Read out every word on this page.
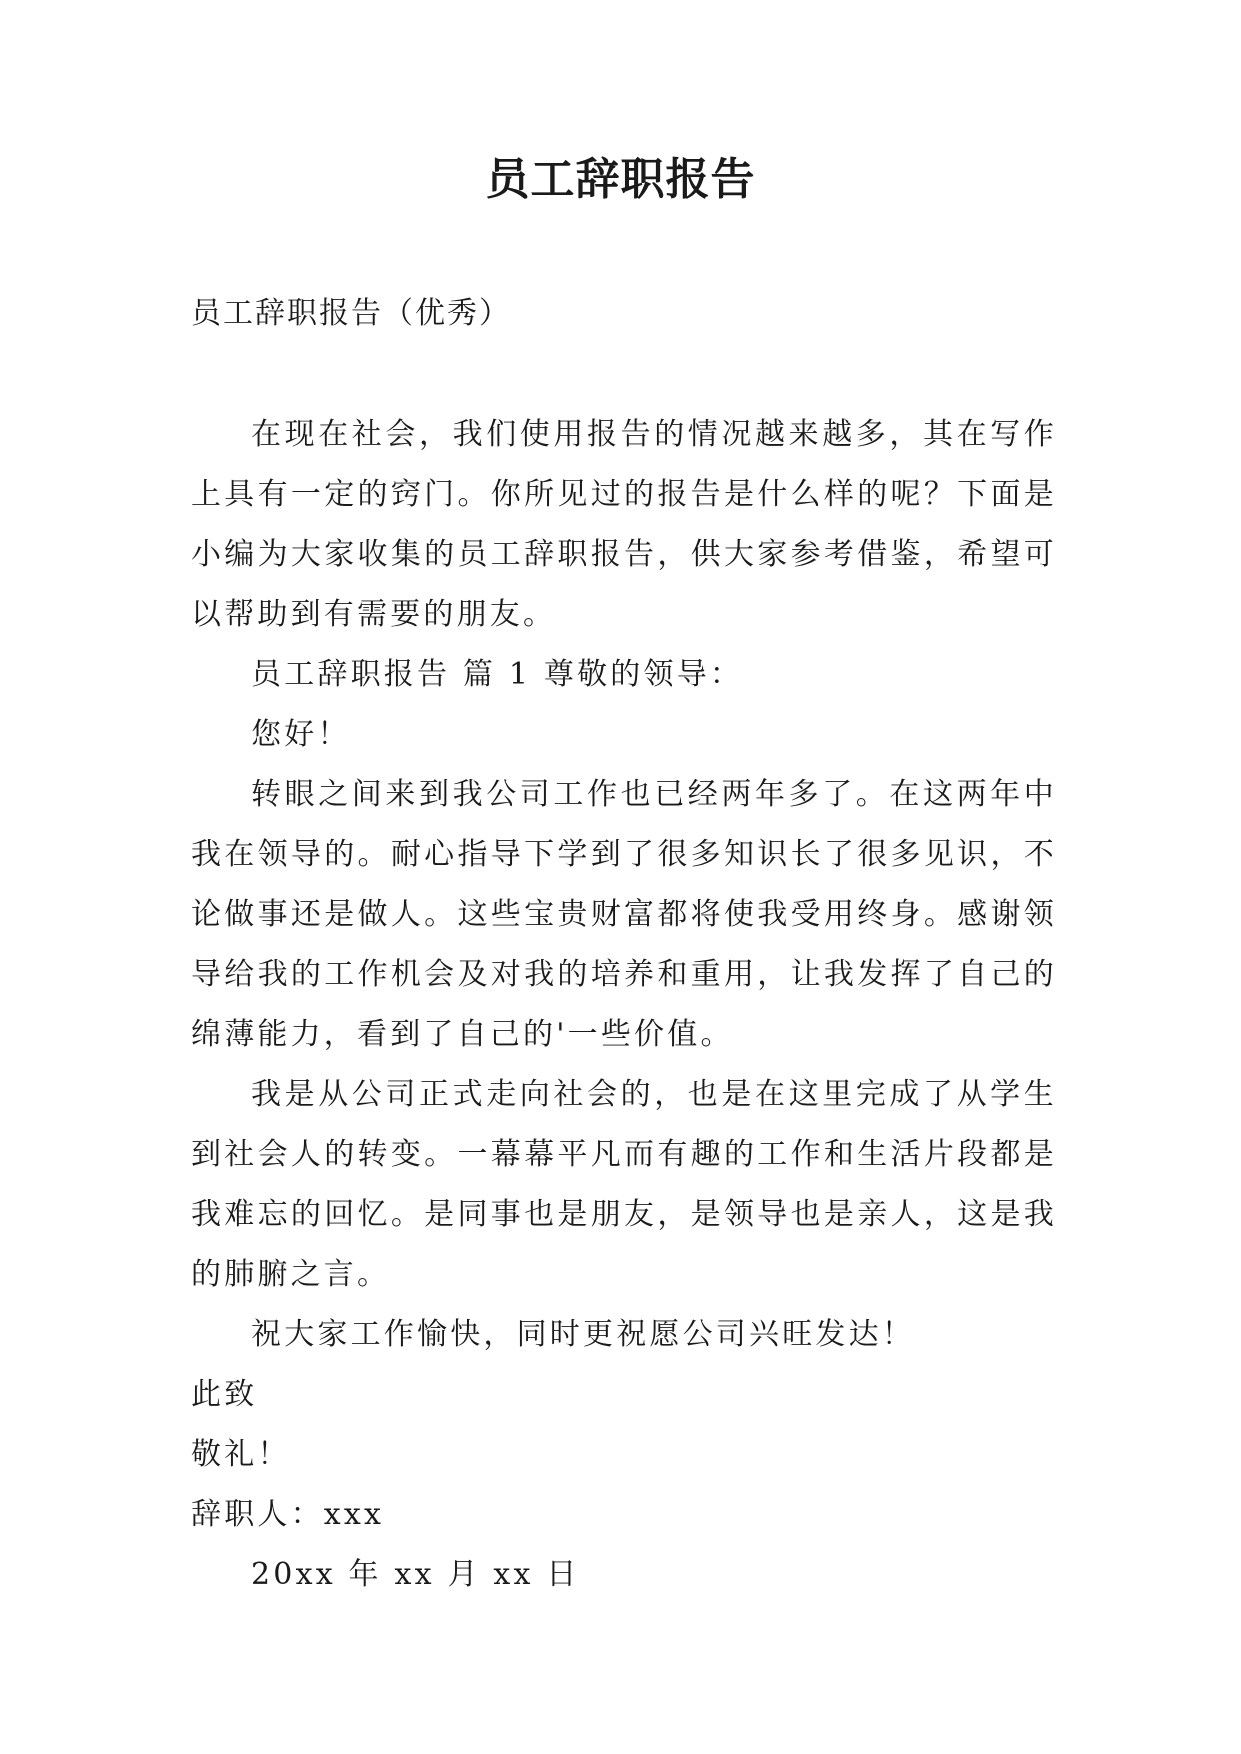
员工辞职报告
员工辞职报告（优秀）

在现在社会，我们使用报告的情况越来越多，其在写作上具有一定的窍门。你所见过的报告是什么样的呢？下面是小编为大家收集的员工辞职报告，供大家参考借鉴，希望可以帮助到有需要的朋友。

员工辞职报告 篇 1 尊敬的领导：

您好！

转眼之间来到我公司工作也已经两年多了。在这两年中我在领导的。耐心指导下学到了很多知识长了很多见识，不论做事还是做人。这些宝贵财富都将使我受用终身。感谢领导给我的工作机会及对我的培养和重用，让我发挥了自己的绵薄能力，看到了自己的'一些价值。

我是从公司正式走向社会的，也是在这里完成了从学生到社会人的转变。一幕幕平凡而有趣的工作和生活片段都是我难忘的回忆。是同事也是朋友，是领导也是亲人，这是我的肺腑之言。

祝大家工作愉快，同时更祝愿公司兴旺发达！

此致

敬礼！

辞职人：xxx

20xx 年 xx 月 xx 日
